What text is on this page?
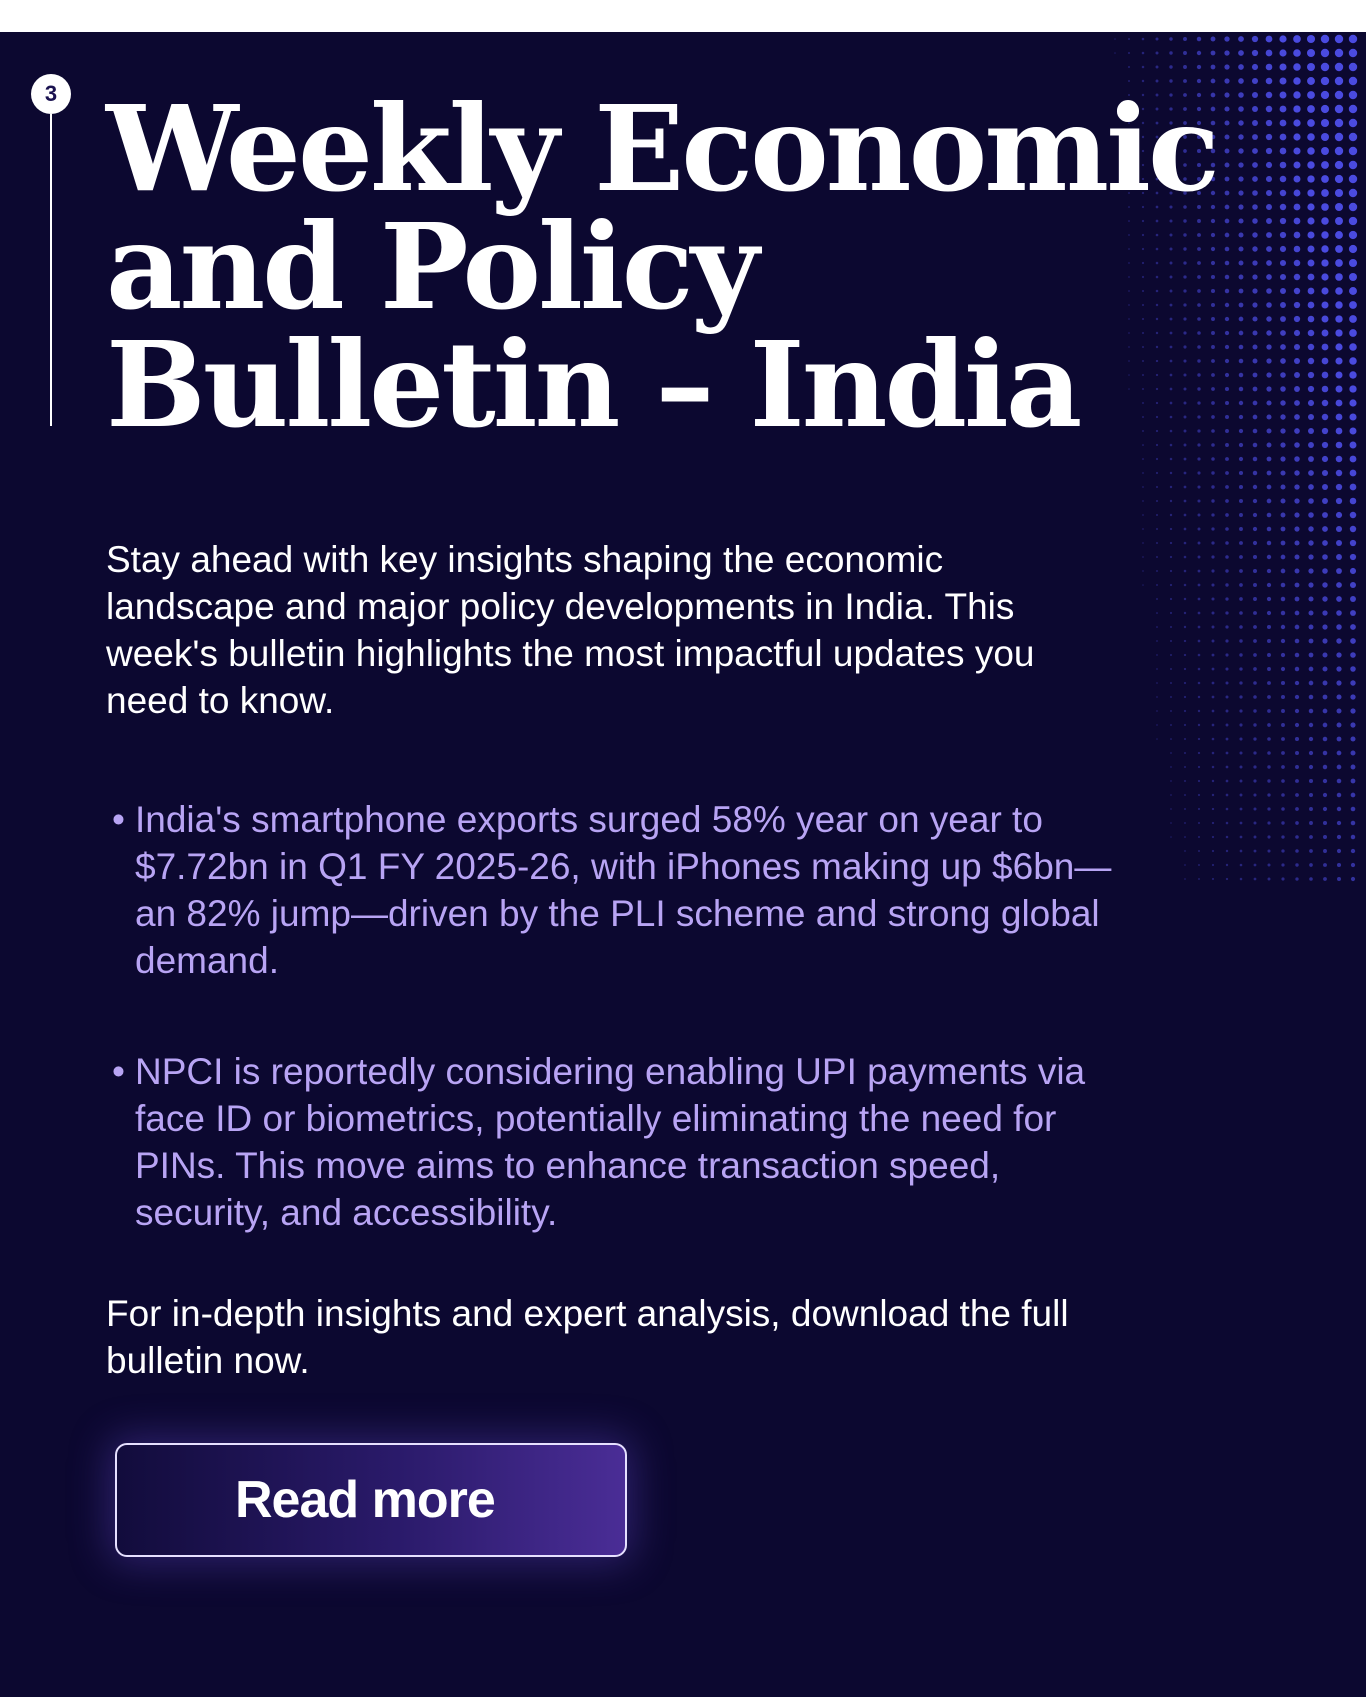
3 Weekly Economic
and Policy
Bulletin – India

Stay ahead with key insights shaping the economic landscape and major policy developments in India. This week's bulletin highlights the most impactful updates you need to know.

• India's smartphone exports surged 58% year on year to $7.72bn in Q1 FY 2025-26, with iPhones making up $6bn—an 82% jump—driven by the PLI scheme and strong global demand.
• NPCI is reportedly considering enabling UPI payments via face ID or biometrics, potentially eliminating the need for PINs. This move aims to enhance transaction speed, security, and accessibility.

For in-depth insights and expert analysis, download the full bulletin now.

Read more
